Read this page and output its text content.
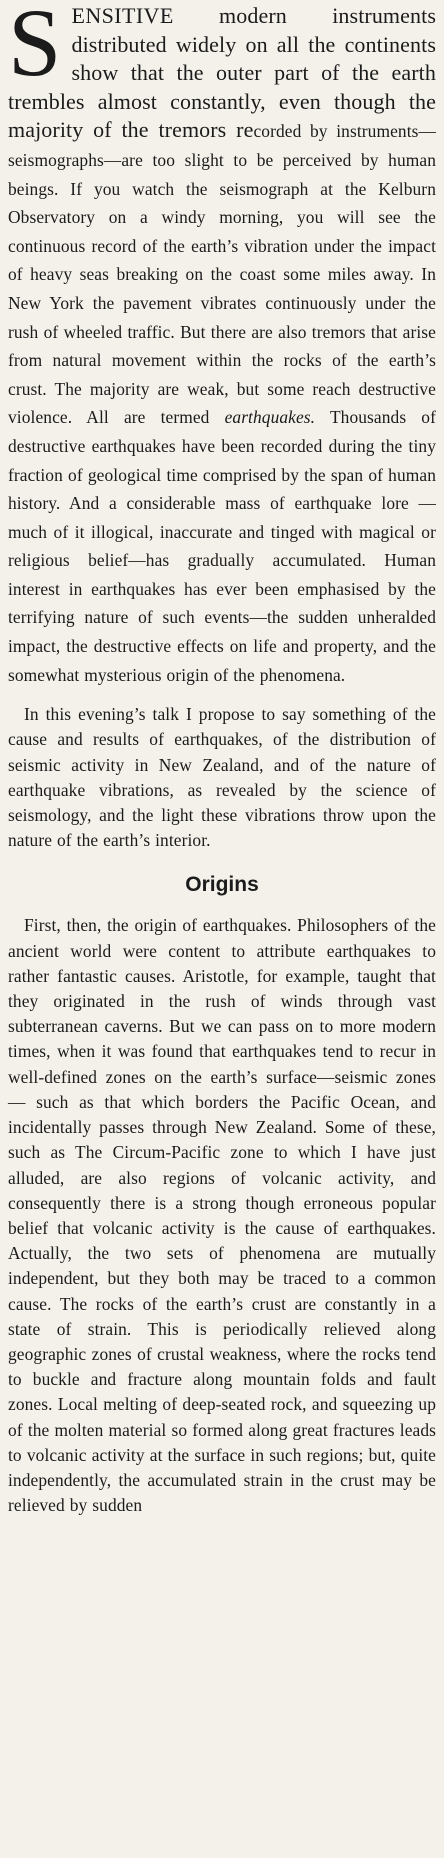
SENSITIVE modern instruments distributed widely on all the continents show that the outer part of the earth trembles almost constantly, even though the majority of the tremors recorded by instruments—seismographs—are too slight to be perceived by human beings. If you watch the seismograph at the Kelburn Observatory on a windy morning, you will see the continuous record of the earth’s vibration under the impact of heavy seas breaking on the coast some miles away. In New York the pavement vibrates continuously under the rush of wheeled traffic. But there are also tremors that arise from natural movement within the rocks of the earth’s crust. The majority are weak, but some reach destructive violence. All are termed earthquakes. Thousands of destructive earthquakes have been recorded during the tiny fraction of geological time comprised by the span of human history. And a considerable mass of earthquake lore — much of it illogical, inaccurate and tinged with magical or religious belief—has gradually accumulated. Human interest in earthquakes has ever been emphasised by the terrifying nature of such events—the sudden unheralded impact, the destructive effects on life and property, and the somewhat mysterious origin of the phenomena.

In this evening’s talk I propose to say something of the cause and results of earthquakes, of the distribution of seismic activity in New Zealand, and of the nature of earthquake vibrations, as revealed by the science of seismology, and the light these vibrations throw upon the nature of the earth’s interior.

Origins

First, then, the origin of earthquakes. Philosophers of the ancient world were content to attribute earthquakes to rather fantastic causes. Aristotle, for example, taught that they originated in the rush of winds through vast subterranean caverns. But we can pass on to more modern times, when it was found that earthquakes tend to recur in well-defined zones on the earth’s surface—seismic zones — such as that which borders the Pacific Ocean, and incidentally passes through New Zealand. Some of these, such as The Circum-Pacific zone to which I have just alluded, are also regions of volcanic activity, and consequently there is a strong though erroneous popular belief that volcanic activity is the cause of earthquakes. Actually, the two sets of phenomena are mutually independent, but they both may be traced to a common cause. The rocks of the earth’s crust are constantly in a state of strain. This is periodically relieved along geographic zones of crustal weakness, where the rocks tend to buckle and fracture along mountain folds and fault zones. Local melting of deep-seated rock, and squeezing up of the molten material so formed along great fractures leads to volcanic activity at the surface in such regions; but, quite independently, the accumulated strain in the crust may be relieved by sudden
